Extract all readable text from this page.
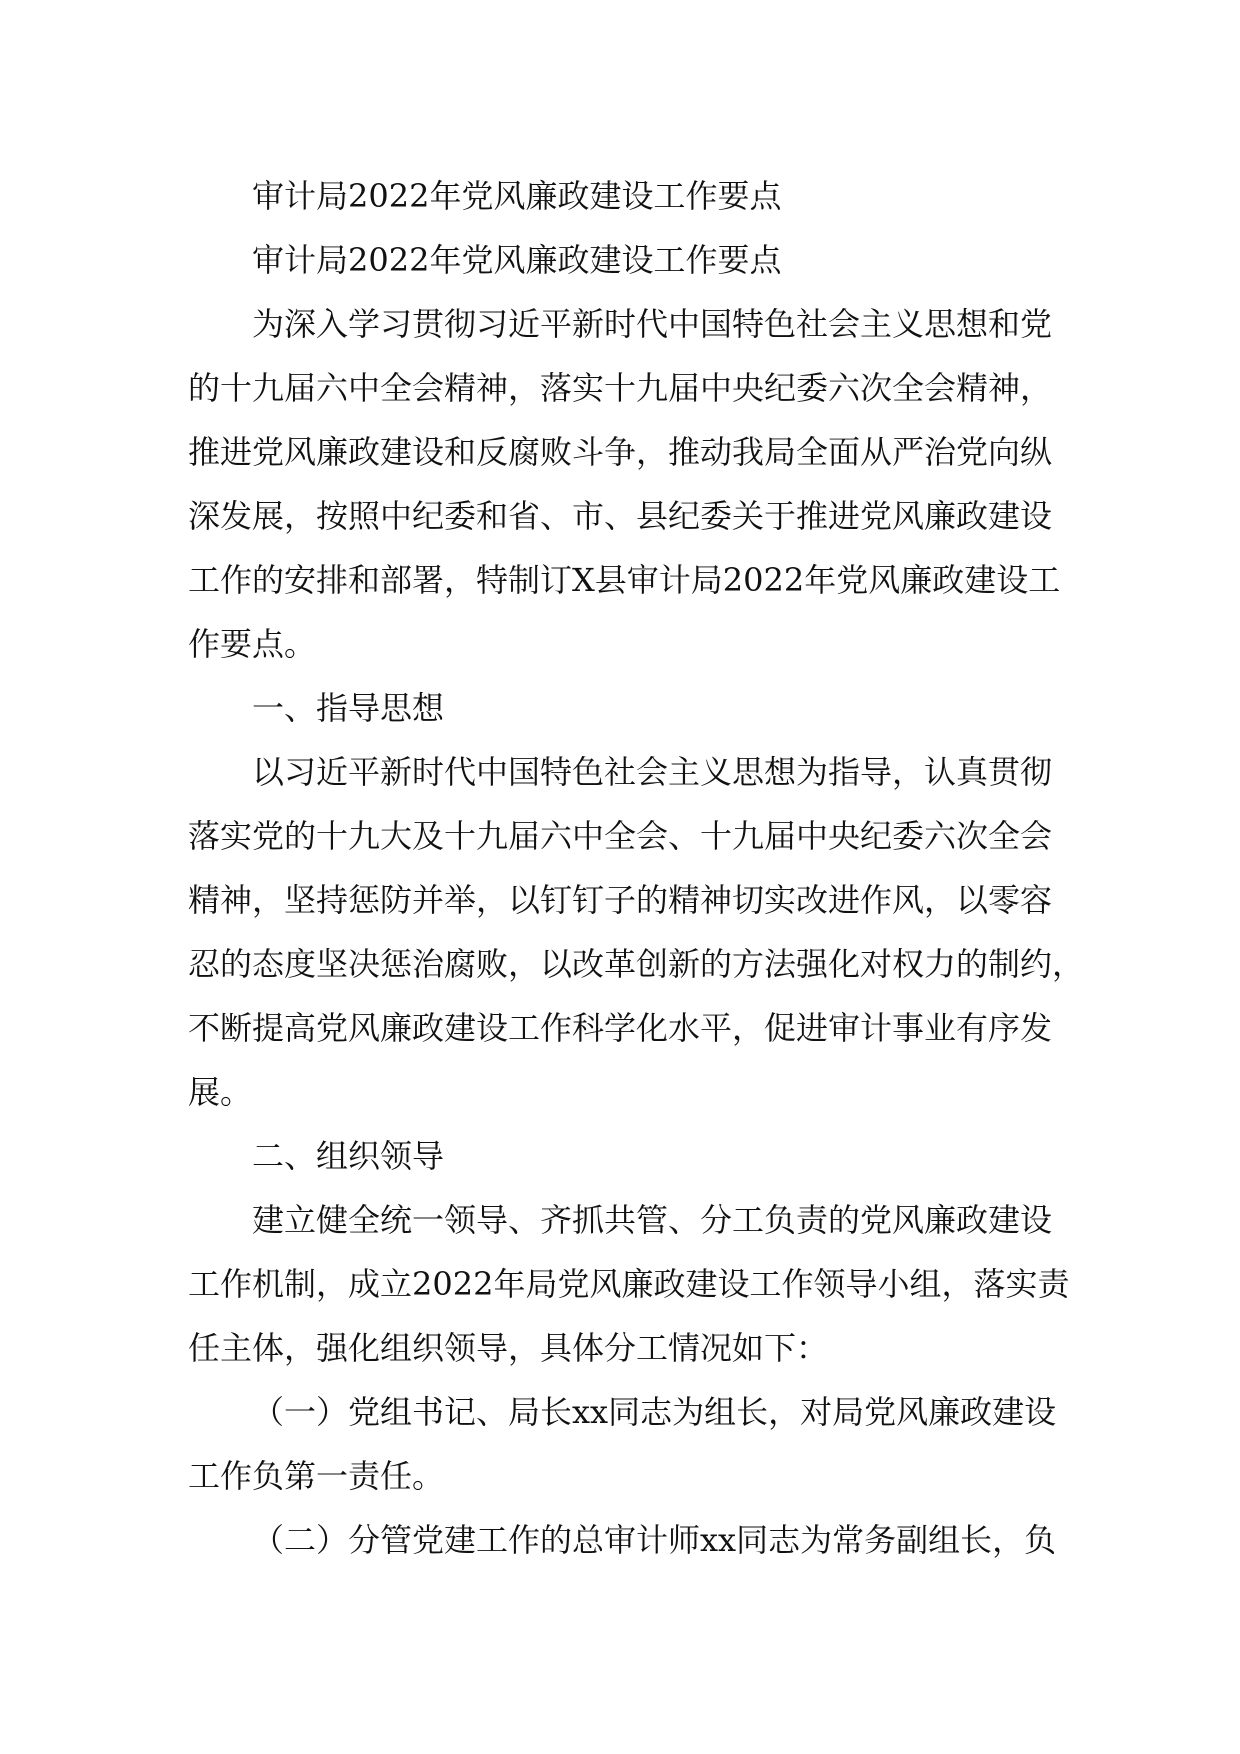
审计局2022年党风廉政建设工作要点
审计局2022年党风廉政建设工作要点
为深入学习贯彻习近平新时代中国特色社会主义思想和党
的十九届六中全会精神，落实十九届中央纪委六次全会精神，
推进党风廉政建设和反腐败斗争，推动我局全面从严治党向纵
深发展，按照中纪委和省、市、县纪委关于推进党风廉政建设
工作的安排和部署，特制订X县审计局2022年党风廉政建设工
作要点。
一、指导思想
以习近平新时代中国特色社会主义思想为指导，认真贯彻
落实党的十九大及十九届六中全会、十九届中央纪委六次全会
精神，坚持惩防并举，以钉钉子的精神切实改进作风，以零容
忍的态度坚决惩治腐败，以改革创新的方法强化对权力的制约，
不断提高党风廉政建设工作科学化水平，促进审计事业有序发
展。
二、组织领导
建立健全统一领导、齐抓共管、分工负责的党风廉政建设
工作机制，成立2022年局党风廉政建设工作领导小组，落实责
任主体，强化组织领导，具体分工情况如下：
（一）党组书记、局长xx同志为组长，对局党风廉政建设
工作负第一责任。
（二）分管党建工作的总审计师xx同志为常务副组长，负
